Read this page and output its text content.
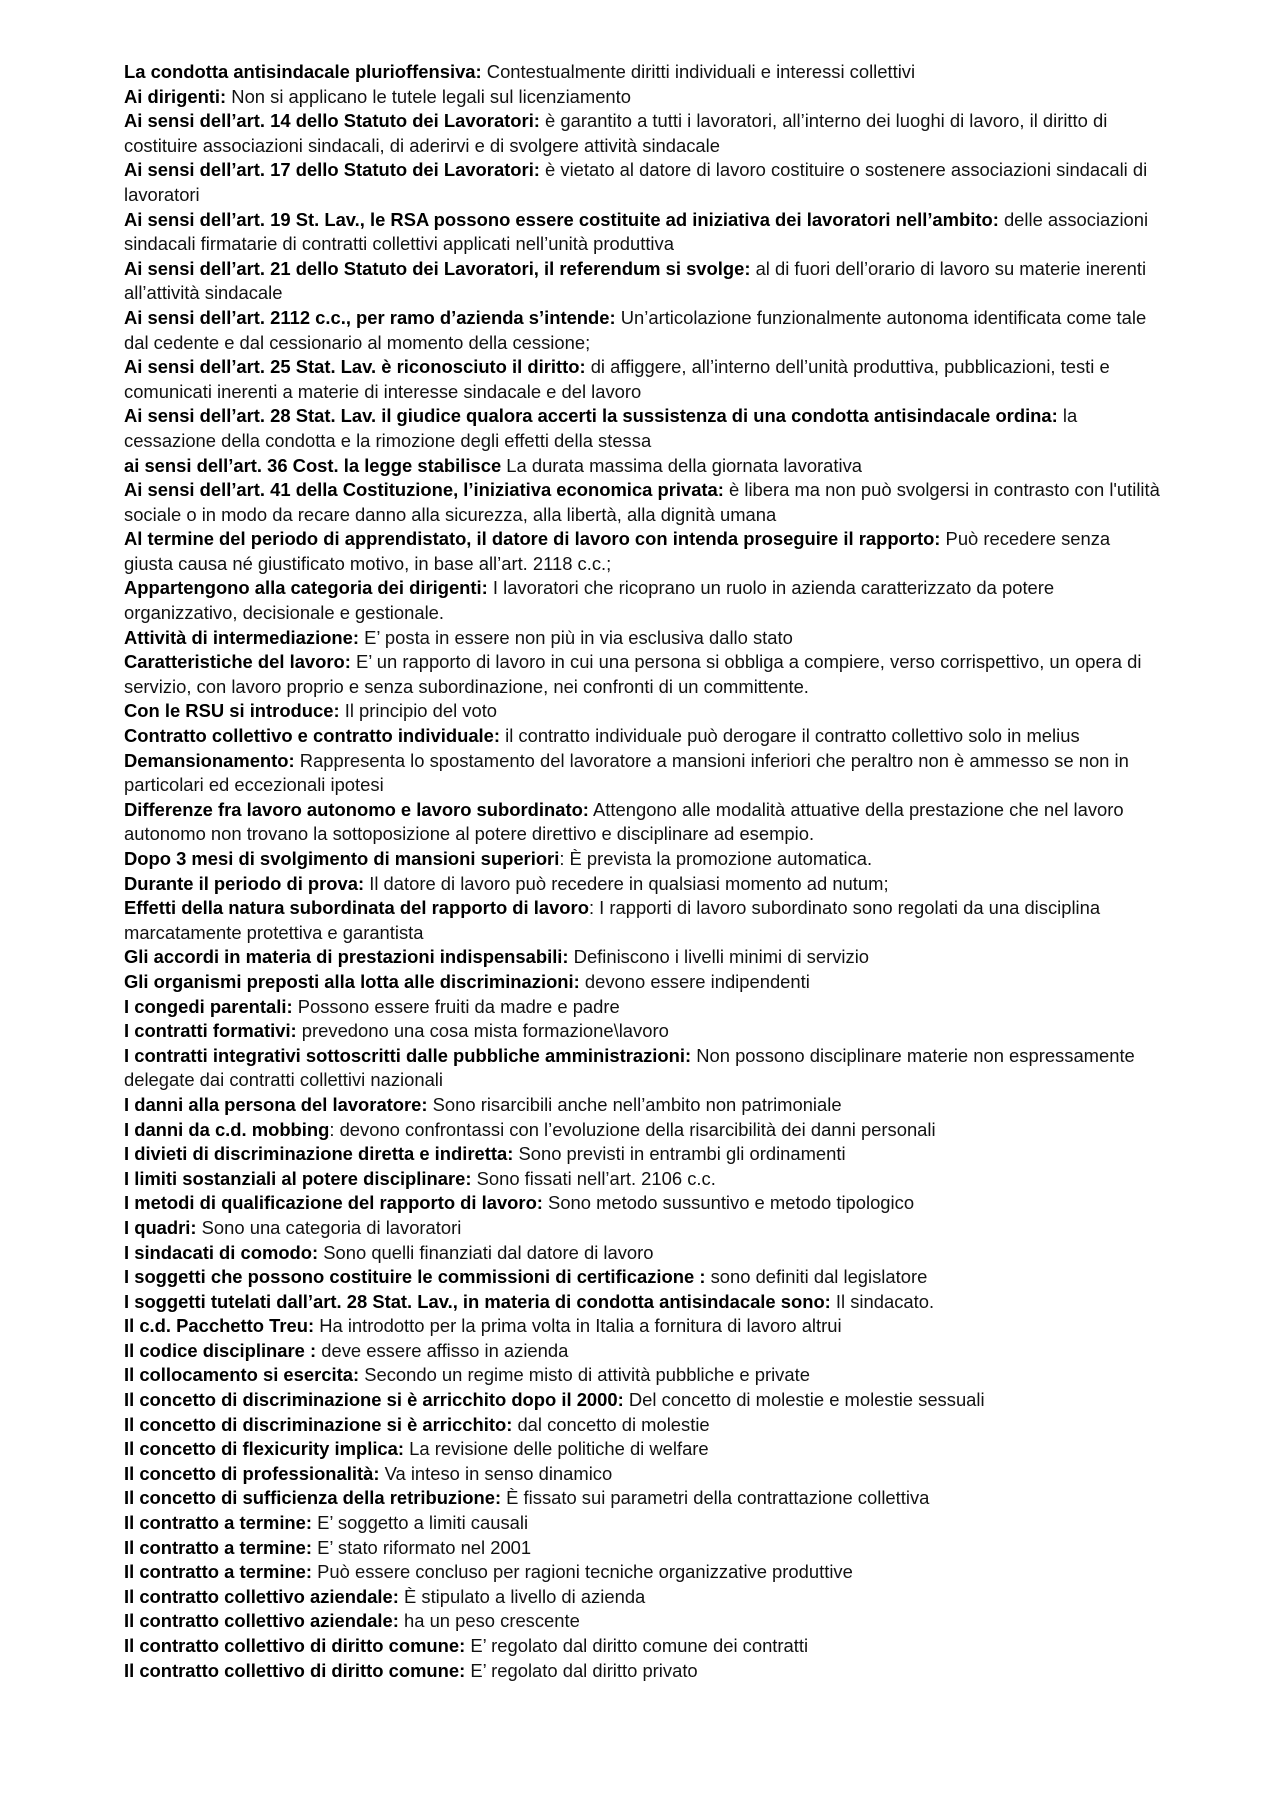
La condotta antisindacale plurioffensiva: Contestualmente diritti individuali e interessi collettivi

Ai dirigenti: Non si applicano le tutele legali sul licenziamento

Ai sensi dell’art. 14 dello Statuto dei Lavoratori: è garantito a tutti i lavoratori, all’interno dei luoghi di lavoro, il diritto di costituire associazioni sindacali, di aderirvi e di svolgere attività sindacale

Ai sensi dell’art. 17 dello Statuto dei Lavoratori: è vietato al datore di lavoro costituire o sostenere associazioni sindacali di lavoratori

Ai sensi dell’art. 19 St. Lav., le RSA possono essere costituite ad iniziativa dei lavoratori nell’ambito: delle associazioni sindacali firmatarie di contratti collettivi applicati nell’unità produttiva

Ai sensi dell’art. 21 dello Statuto dei Lavoratori, il referendum si svolge: al di fuori dell’orario di lavoro su materie inerenti all’attività sindacale

Ai sensi dell’art. 2112 c.c., per ramo d’azienda s’intende: Un’articolazione funzionalmente autonoma identificata come tale dal cedente e dal cessionario al momento della cessione;

Ai sensi dell’art. 25 Stat. Lav. è riconosciuto il diritto: di affiggere, all’interno dell’unità produttiva, pubblicazioni, testi e comunicati inerenti a materie di interesse sindacale e del lavoro

Ai sensi dell’art. 28 Stat. Lav. il giudice qualora accerti la sussistenza di una condotta antisindacale ordina: la cessazione della condotta e la rimozione degli effetti della stessa

ai sensi dell’art. 36 Cost. la legge stabilisce La durata massima della giornata lavorativa

Ai sensi dell’art. 41 della Costituzione, l’iniziativa economica privata: è libera ma non può svolgersi in contrasto con l'utilità sociale o in modo da recare danno alla sicurezza, alla libertà, alla dignità umana

Al termine del periodo di apprendistato, il datore di lavoro con intenda proseguire il rapporto: Può recedere senza giusta causa né giustificato motivo, in base all’art. 2118 c.c.;

Appartengono alla categoria dei dirigenti: I lavoratori che ricoprano un ruolo in azienda caratterizzato da potere organizzativo, decisionale e gestionale.

Attività di intermediazione: E’ posta in essere non più in via esclusiva dallo stato

Caratteristiche del lavoro: E’ un rapporto di lavoro in cui una persona si obbliga a compiere, verso corrispettivo, un opera di servizio, con lavoro proprio e senza subordinazione, nei confronti di un committente.

Con le RSU si introduce: Il principio del voto

Contratto collettivo e contratto individuale: il contratto individuale può derogare il contratto collettivo solo in melius

Demansionamento: Rappresenta lo spostamento del lavoratore a mansioni inferiori che peraltro non è ammesso se non in particolari ed eccezionali ipotesi

Differenze fra lavoro autonomo e lavoro subordinato: Attengono alle modalità attuative della prestazione che nel lavoro autonomo non trovano la sottoposizione al potere direttivo e disciplinare ad esempio.

Dopo 3 mesi di svolgimento di mansioni superiori: È prevista la promozione automatica.

Durante il periodo di prova: Il datore di lavoro può recedere in qualsiasi momento ad nutum;

Effetti della natura subordinata del rapporto di lavoro: I rapporti di lavoro subordinato sono regolati da una disciplina marcatamente protettiva e garantista

Gli accordi in materia di prestazioni indispensabili: Definiscono i livelli minimi di servizio

Gli organismi preposti alla lotta alle discriminazioni: devono essere indipendenti

I congedi parentali: Possono essere fruiti da madre e padre

I contratti formativi: prevedono una cosa mista formazione\lavoro

I contratti integrativi sottoscritti dalle pubbliche amministrazioni: Non possono disciplinare materie non espressamente delegate dai contratti collettivi nazionali

I danni alla persona del lavoratore: Sono risarcibili anche nell’ambito non patrimoniale

I danni da c.d. mobbing: devono confrontassi con l’evoluzione della risarcibilità dei danni personali

I divieti di discriminazione diretta e indiretta: Sono previsti in entrambi gli ordinamenti

I limiti sostanziali al potere disciplinare: Sono fissati nell’art. 2106 c.c.

I metodi di qualificazione del rapporto di lavoro: Sono metodo sussuntivo e metodo tipologico

I quadri: Sono una categoria di lavoratori

I sindacati di comodo: Sono quelli finanziati dal datore di lavoro

I soggetti che possono costituire le commissioni di certificazione : sono definiti dal legislatore

I soggetti tutelati dall’art. 28 Stat. Lav., in materia di condotta antisindacale sono: Il sindacato.

Il c.d. Pacchetto Treu: Ha introdotto per la prima volta in Italia a fornitura di lavoro altrui

Il codice disciplinare : deve essere affisso in azienda

Il collocamento si esercita: Secondo un regime misto di attività pubbliche e private

Il concetto di discriminazione si è arricchito dopo il 2000: Del concetto di molestie e molestie sessuali

Il concetto di discriminazione si è arricchito: dal concetto di molestie

Il concetto di flexicurity implica: La revisione delle politiche di welfare

Il concetto di professionalità: Va inteso in senso dinamico

Il concetto di sufficienza della retribuzione: È fissato sui parametri della contrattazione collettiva

Il contratto a termine: E’ soggetto a limiti causali

Il contratto a termine: E’ stato riformato nel 2001

Il contratto a termine: Può essere concluso per ragioni tecniche organizzative produttive

Il contratto collettivo aziendale: È stipulato a livello di azienda

Il contratto collettivo aziendale: ha un peso crescente

Il contratto collettivo di diritto comune: E’ regolato dal diritto comune dei contratti

Il contratto collettivo di diritto comune: E’ regolato dal diritto privato
